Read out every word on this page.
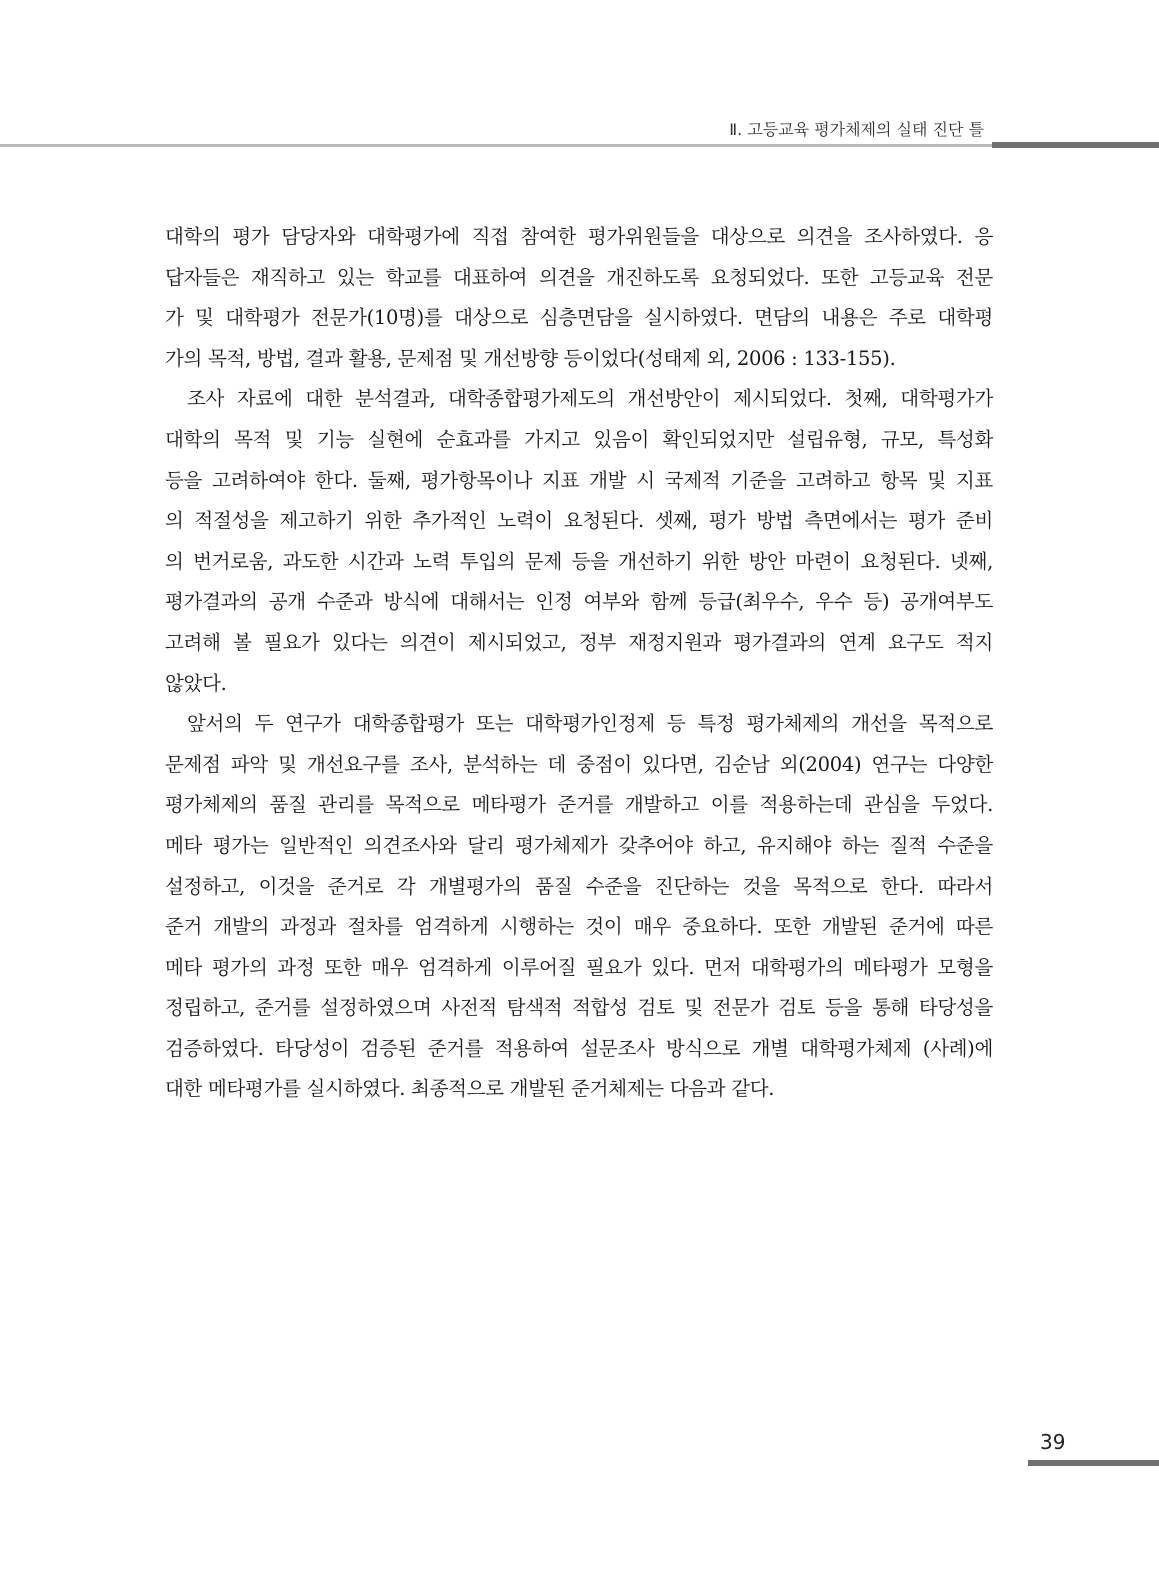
Ⅱ. 고등교육 평가체제의 실태 진단 틀
대학의 평가 담당자와 대학평가에 직접 참여한 평가위원들을 대상으로 의견을 조사하였다. 응
답자들은 재직하고 있는 학교를 대표하여 의견을 개진하도록 요청되었다. 또한 고등교육 전문
가 및 대학평가 전문가(10명)를 대상으로 심층면담을 실시하였다. 면담의 내용은 주로 대학평
가의 목적, 방법, 결과 활용, 문제점 및 개선방향 등이었다(성태제 외, 2006 : 133-155).
조사 자료에 대한 분석결과, 대학종합평가제도의 개선방안이 제시되었다. 첫째, 대학평가가
대학의 목적 및 기능 실현에 순효과를 가지고 있음이 확인되었지만 설립유형, 규모, 특성화
등을 고려하여야 한다. 둘째, 평가항목이나 지표 개발 시 국제적 기준을 고려하고 항목 및 지표
의 적절성을 제고하기 위한 추가적인 노력이 요청된다. 셋째, 평가 방법 측면에서는 평가 준비
의 번거로움, 과도한 시간과 노력 투입의 문제 등을 개선하기 위한 방안 마련이 요청된다. 넷째,
평가결과의 공개 수준과 방식에 대해서는 인정 여부와 함께 등급(최우수, 우수 등) 공개여부도
고려해 볼 필요가 있다는 의견이 제시되었고, 정부 재정지원과 평가결과의 연계 요구도 적지
않았다.
앞서의 두 연구가 대학종합평가 또는 대학평가인정제 등 특정 평가체제의 개선을 목적으로
문제점 파악 및 개선요구를 조사, 분석하는 데 중점이 있다면, 김순남 외(2004) 연구는 다양한
평가체제의 품질 관리를 목적으로 메타평가 준거를 개발하고 이를 적용하는데 관심을 두었다.
메타 평가는 일반적인 의견조사와 달리 평가체제가 갖추어야 하고, 유지해야 하는 질적 수준을
설정하고, 이것을 준거로 각 개별평가의 품질 수준을 진단하는 것을 목적으로 한다. 따라서
준거 개발의 과정과 절차를 엄격하게 시행하는 것이 매우 중요하다. 또한 개발된 준거에 따른
메타 평가의 과정 또한 매우 엄격하게 이루어질 필요가 있다. 먼저 대학평가의 메타평가 모형을
정립하고, 준거를 설정하였으며 사전적 탐색적 적합성 검토 및 전문가 검토 등을 통해 타당성을
검증하였다. 타당성이 검증된 준거를 적용하여 설문조사 방식으로 개별 대학평가체제 (사례)에
대한 메타평가를 실시하였다. 최종적으로 개발된 준거체제는 다음과 같다.
39
